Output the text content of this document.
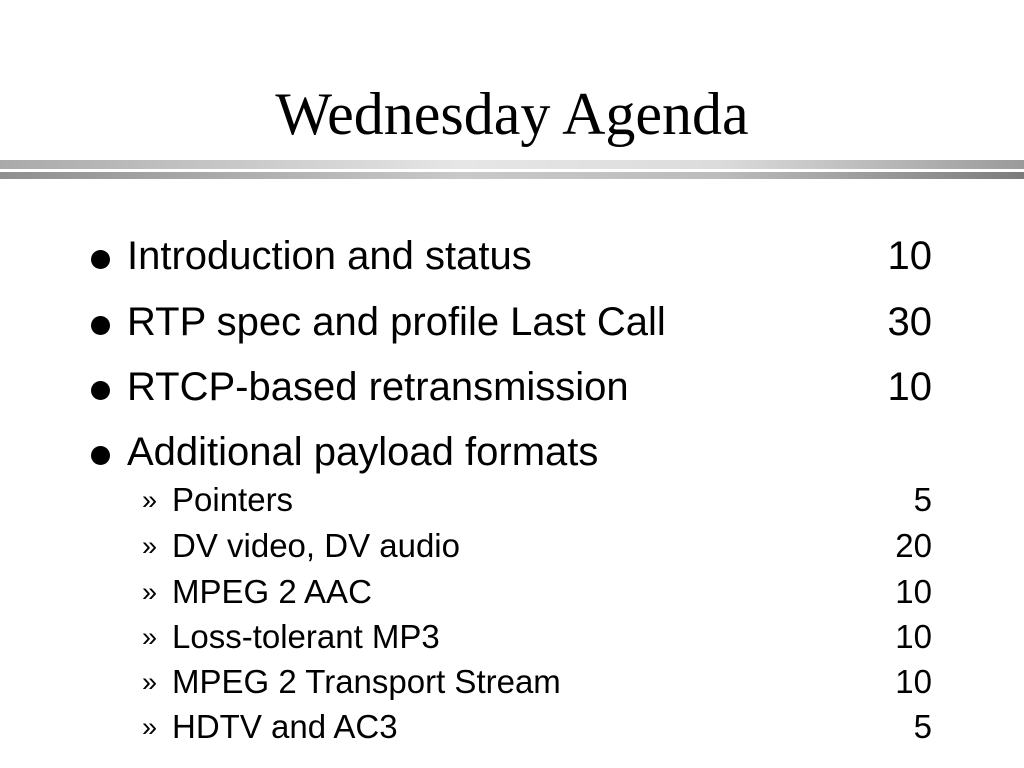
Wednesday Agenda
Introduction and status	10
RTP spec and profile Last Call	30
RTCP-based retransmission	10
Additional payload formats
» Pointers	5
» DV video, DV audio	20
» MPEG 2 AAC	10
» Loss-tolerant MP3	10
» MPEG 2 Transport Stream	10
» HDTV and AC3	5
